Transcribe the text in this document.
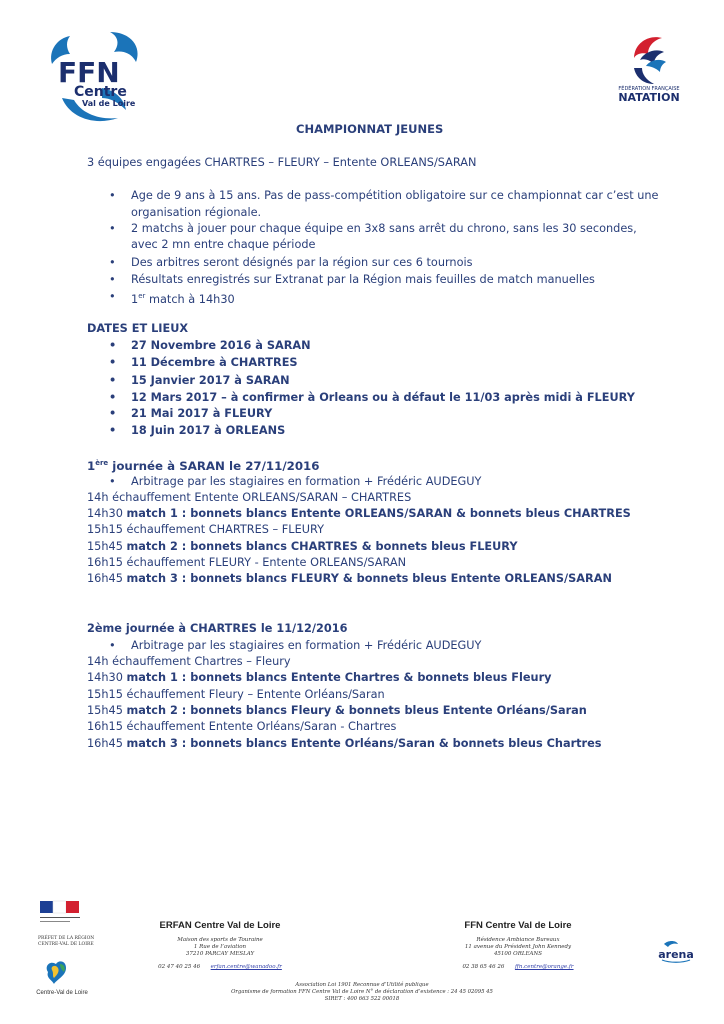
FFN
Centre
Val de Loire
FÉDÉRATION FRANÇAISE
NATATION
CHAMPIONNAT JEUNES
3 équipes engagées CHARTRES – FLEURY – Entente ORLEANS/SARAN
• Age de 9 ans à 15 ans. Pas de pass-compétition obligatoire sur ce championnat car c’est une
organisation régionale.
• 2 matchs à jouer pour chaque équipe en 3x8 sans arrêt du chrono, sans les 30 secondes,
avec 2 mn entre chaque période
• Des arbitres seront désignés par la région sur ces 6 tournois
• Résultats enregistrés sur Extranat par la Région mais feuilles de match manuelles
• 1er match à 14h30
DATES ET LIEUX
• 27 Novembre 2016 à SARAN
• 11 Décembre à CHARTRES
• 15 Janvier 2017 à SARAN
• 12 Mars 2017 – à confirmer à Orleans ou à défaut le 11/03 après midi à FLEURY
• 21 Mai 2017 à FLEURY
• 18 Juin 2017 à ORLEANS
1ère journée à SARAN le 27/11/2016
• Arbitrage par les stagiaires en formation + Frédéric AUDEGUY
14h échauffement Entente ORLEANS/SARAN – CHARTRES
14h30 match 1 : bonnets blancs Entente ORLEANS/SARAN & bonnets bleus CHARTRES
15h15 échauffement CHARTRES – FLEURY
15h45 match 2 : bonnets blancs CHARTRES & bonnets bleus FLEURY
16h15 échauffement FLEURY - Entente ORLEANS/SARAN
16h45 match 3 : bonnets blancs FLEURY & bonnets bleus Entente ORLEANS/SARAN
2ème journée à CHARTRES le 11/12/2016
• Arbitrage par les stagiaires en formation + Frédéric AUDEGUY
14h échauffement Chartres – Fleury
14h30 match 1 : bonnets blancs Entente Chartres & bonnets bleus Fleury
15h15 échauffement Fleury – Entente Orléans/Saran
15h45 match 2 : bonnets blancs Fleury & bonnets bleus Entente Orléans/Saran
16h15 échauffement Entente Orléans/Saran - Chartres
16h45 match 3 : bonnets blancs Entente Orléans/Saran & bonnets bleus Chartres
PRÉFET DE LA RÉGION CENTRE-VAL DE LOIRE
Centre-Val de Loire
ERFAN Centre Val de Loire
Maison des sports de Touraine
1 Rue de l’aviation
37210 PARCAY MESLAY
02 47 40 25 46 erfan.centre@wanadoo.fr
FFN Centre Val de Loire
Résidence Ambiance Bureaux
11 avenue du Président John Kennedy
45100 ORLEANS
02 38 65 46 26 ffn.centre@orange.fr
arena
Association Loi 1901 Reconnue d’Utilité publique
Organisme de formation FFN Centre Val de Loire N° de déclaration d’existence : 24 45 02095 45
SIRET : 400 663 522 00018
